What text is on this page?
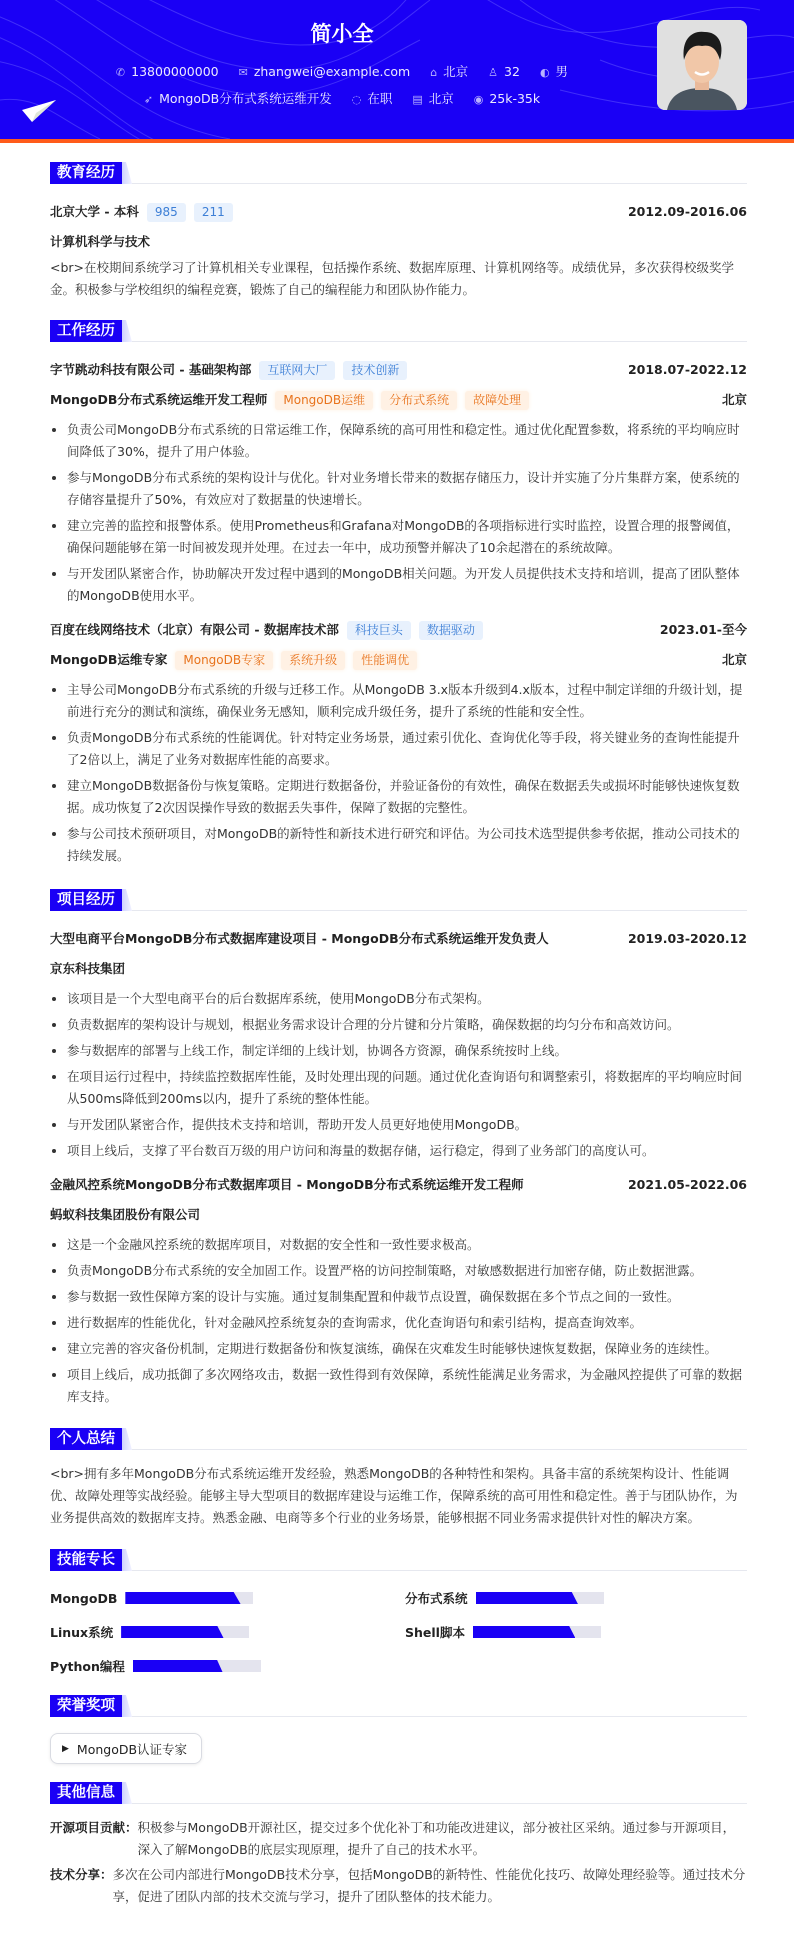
简小全
✆ 13800000000 ✉ zhangwei@example.com ⌂ 北京 ♙ 32 ◐ 男
➶ MongoDB分布式系统运维开发 ◌ 在职 ▤ 北京 ◉ 25k-35k
教育经历
北京大学 - 本科	985	211	2012.09-2016.06
计算机科学与技术

<br>在校期间系统学习了计算机相关专业课程，包括操作系统、数据库原理、计算机网络等。成绩优异，多次获得校级奖学金。积极参与学校组织的编程竞赛，锻炼了自己的编程能力和团队协作能力。

工作经历
字节跳动科技有限公司 - 基础架构部	互联网大厂	技术创新	2018.07-2022.12
MongoDB分布式系统运维开发工程师	MongoDB运维	分布式系统	故障处理	北京
负责公司MongoDB分布式系统的日常运维工作，保障系统的高可用性和稳定性。通过优化配置参数，将系统的平均响应时间降低了30%，提升了用户体验。
参与MongoDB分布式系统的架构设计与优化。针对业务增长带来的数据存储压力，设计并实施了分片集群方案，使系统的存储容量提升了50%，有效应对了数据量的快速增长。
建立完善的监控和报警体系。使用Prometheus和Grafana对MongoDB的各项指标进行实时监控，设置合理的报警阈值，确保问题能够在第一时间被发现并处理。在过去一年中，成功预警并解决了10余起潜在的系统故障。
与开发团队紧密合作，协助解决开发过程中遇到的MongoDB相关问题。为开发人员提供技术支持和培训，提高了团队整体的MongoDB使用水平。
百度在线网络技术（北京）有限公司 - 数据库技术部	科技巨头	数据驱动	2023.01-至今
MongoDB运维专家	MongoDB专家	系统升级	性能调优	北京
主导公司MongoDB分布式系统的升级与迁移工作。从MongoDB 3.x版本升级到4.x版本，过程中制定详细的升级计划，提前进行充分的测试和演练，确保业务无感知，顺利完成升级任务，提升了系统的性能和安全性。
负责MongoDB分布式系统的性能调优。针对特定业务场景，通过索引优化、查询优化等手段，将关键业务的查询性能提升了2倍以上，满足了业务对数据库性能的高要求。
建立MongoDB数据备份与恢复策略。定期进行数据备份，并验证备份的有效性，确保在数据丢失或损坏时能够快速恢复数据。成功恢复了2次因误操作导致的数据丢失事件，保障了数据的完整性。
参与公司技术预研项目，对MongoDB的新特性和新技术进行研究和评估。为公司技术选型提供参考依据，推动公司技术的持续发展。
项目经历
大型电商平台MongoDB分布式数据库建设项目 - MongoDB分布式系统运维开发负责人	2019.03-2020.12
京东科技集团
该项目是一个大型电商平台的后台数据库系统，使用MongoDB分布式架构。
负责数据库的架构设计与规划，根据业务需求设计合理的分片键和分片策略，确保数据的均匀分布和高效访问。
参与数据库的部署与上线工作，制定详细的上线计划，协调各方资源，确保系统按时上线。
在项目运行过程中，持续监控数据库性能，及时处理出现的问题。通过优化查询语句和调整索引，将数据库的平均响应时间从500ms降低到200ms以内，提升了系统的整体性能。
与开发团队紧密合作，提供技术支持和培训，帮助开发人员更好地使用MongoDB。
项目上线后，支撑了平台数百万级的用户访问和海量的数据存储，运行稳定，得到了业务部门的高度认可。
金融风控系统MongoDB分布式数据库项目 - MongoDB分布式系统运维开发工程师	2021.05-2022.06
蚂蚁科技集团股份有限公司
这是一个金融风控系统的数据库项目，对数据的安全性和一致性要求极高。
负责MongoDB分布式系统的安全加固工作。设置严格的访问控制策略，对敏感数据进行加密存储，防止数据泄露。
参与数据一致性保障方案的设计与实施。通过复制集配置和仲裁节点设置，确保数据在多个节点之间的一致性。
进行数据库的性能优化，针对金融风控系统复杂的查询需求，优化查询语句和索引结构，提高查询效率。
建立完善的容灾备份机制，定期进行数据备份和恢复演练，确保在灾难发生时能够快速恢复数据，保障业务的连续性。
项目上线后，成功抵御了多次网络攻击，数据一致性得到有效保障，系统性能满足业务需求，为金融风控提供了可靠的数据库支持。
个人总结

<br>拥有多年MongoDB分布式系统运维开发经验，熟悉MongoDB的各种特性和架构。具备丰富的系统架构设计、性能调优、故障处理等实战经验。能够主导大型项目的数据库建设与运维工作，保障系统的高可用性和稳定性。善于与团队协作，为业务提供高效的数据库支持。熟悉金融、电商等多个行业的业务场景，能够根据不同业务需求提供针对性的解决方案。

技能专长
MongoDB	分布式系统
Linux系统	Shell脚本
Python编程
荣誉奖项
▶ MongoDB认证专家
其他信息
开源项目贡献： 积极参与MongoDB开源社区，提交过多个优化补丁和功能改进建议，部分被社区采纳。通过参与开源项目，深入了解MongoDB的底层实现原理，提升了自己的技术水平。
技术分享： 多次在公司内部进行MongoDB技术分享，包括MongoDB的新特性、性能优化技巧、故障处理经验等。通过技术分享，促进了团队内部的技术交流与学习，提升了团队整体的技术能力。
